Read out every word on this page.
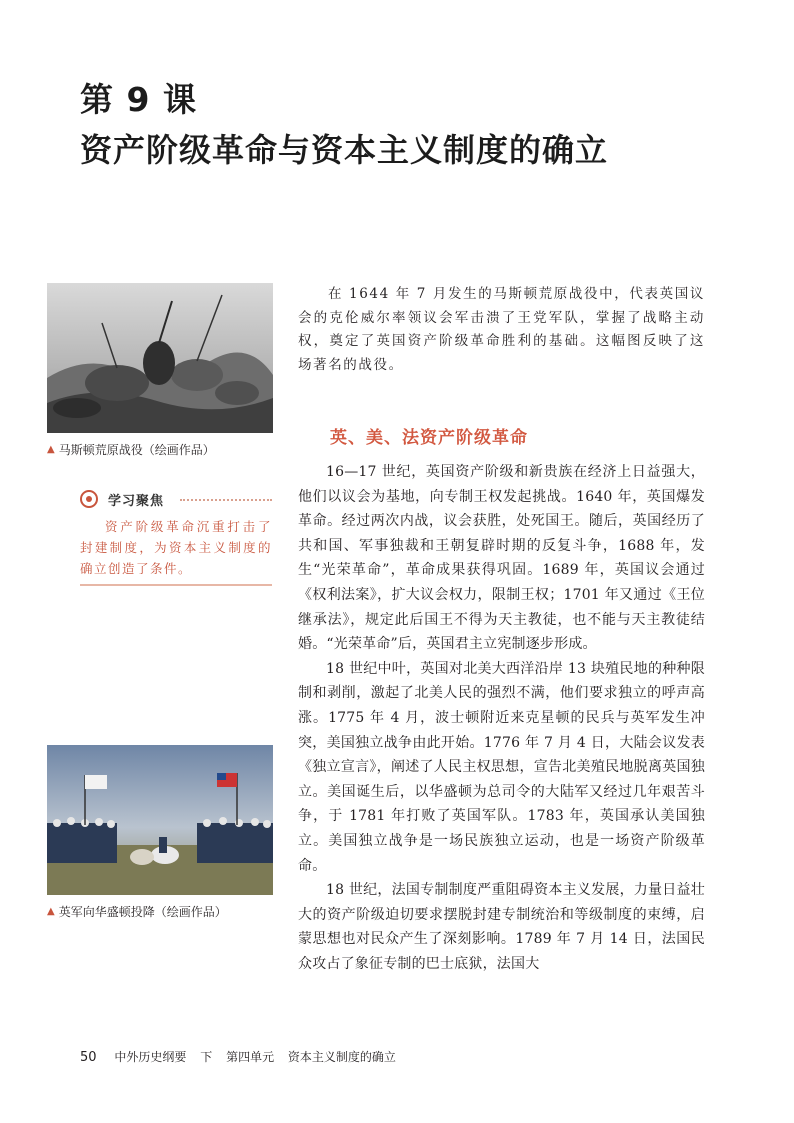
第 9 课
资产阶级革命与资本主义制度的确立
▲ 马斯顿荒原战役（绘画作品）
学习聚焦
资产阶级革命沉重打击了封建制度，为资本主义制度的确立创造了条件。
▲ 英军向华盛顿投降（绘画作品）
在 1644 年 7 月发生的马斯顿荒原战役中，代表英国议会的克伦威尔率领议会军击溃了王党军队，掌握了战略主动权，奠定了英国资产阶级革命胜利的基础。这幅图反映了这场著名的战役。
英、美、法资产阶级革命

16—17 世纪，英国资产阶级和新贵族在经济上日益强大，他们以议会为基地，向专制王权发起挑战。1640 年，英国爆发革命。经过两次内战，议会获胜，处死国王。随后，英国经历了共和国、军事独裁和王朝复辟时期的反复斗争，1688 年，发生“光荣革命”，革命成果获得巩固。1689 年，英国议会通过《权利法案》，扩大议会权力，限制王权；1701 年又通过《王位继承法》，规定此后国王不得为天主教徒，也不能与天主教徒结婚。“光荣革命”后，英国君主立宪制逐步形成。

18 世纪中叶，英国对北美大西洋沿岸 13 块殖民地的种种限制和剥削，激起了北美人民的强烈不满，他们要求独立的呼声高涨。1775 年 4 月，波士顿附近来克星顿的民兵与英军发生冲突，美国独立战争由此开始。1776 年 7 月 4 日，大陆会议发表《独立宣言》，阐述了人民主权思想，宣告北美殖民地脱离英国独立。美国诞生后，以华盛顿为总司令的大陆军又经过几年艰苦斗争，于 1781 年打败了英国军队。1783 年，英国承认美国独立。美国独立战争是一场民族独立运动，也是一场资产阶级革命。

18 世纪，法国专制制度严重阻碍资本主义发展，力量日益壮大的资产阶级迫切要求摆脱封建专制统治和等级制度的束缚，启蒙思想也对民众产生了深刻影响。1789 年 7 月 14 日，法国民众攻占了象征专制的巴士底狱，法国大

50 中外历史纲要 下 第四单元 资本主义制度的确立
